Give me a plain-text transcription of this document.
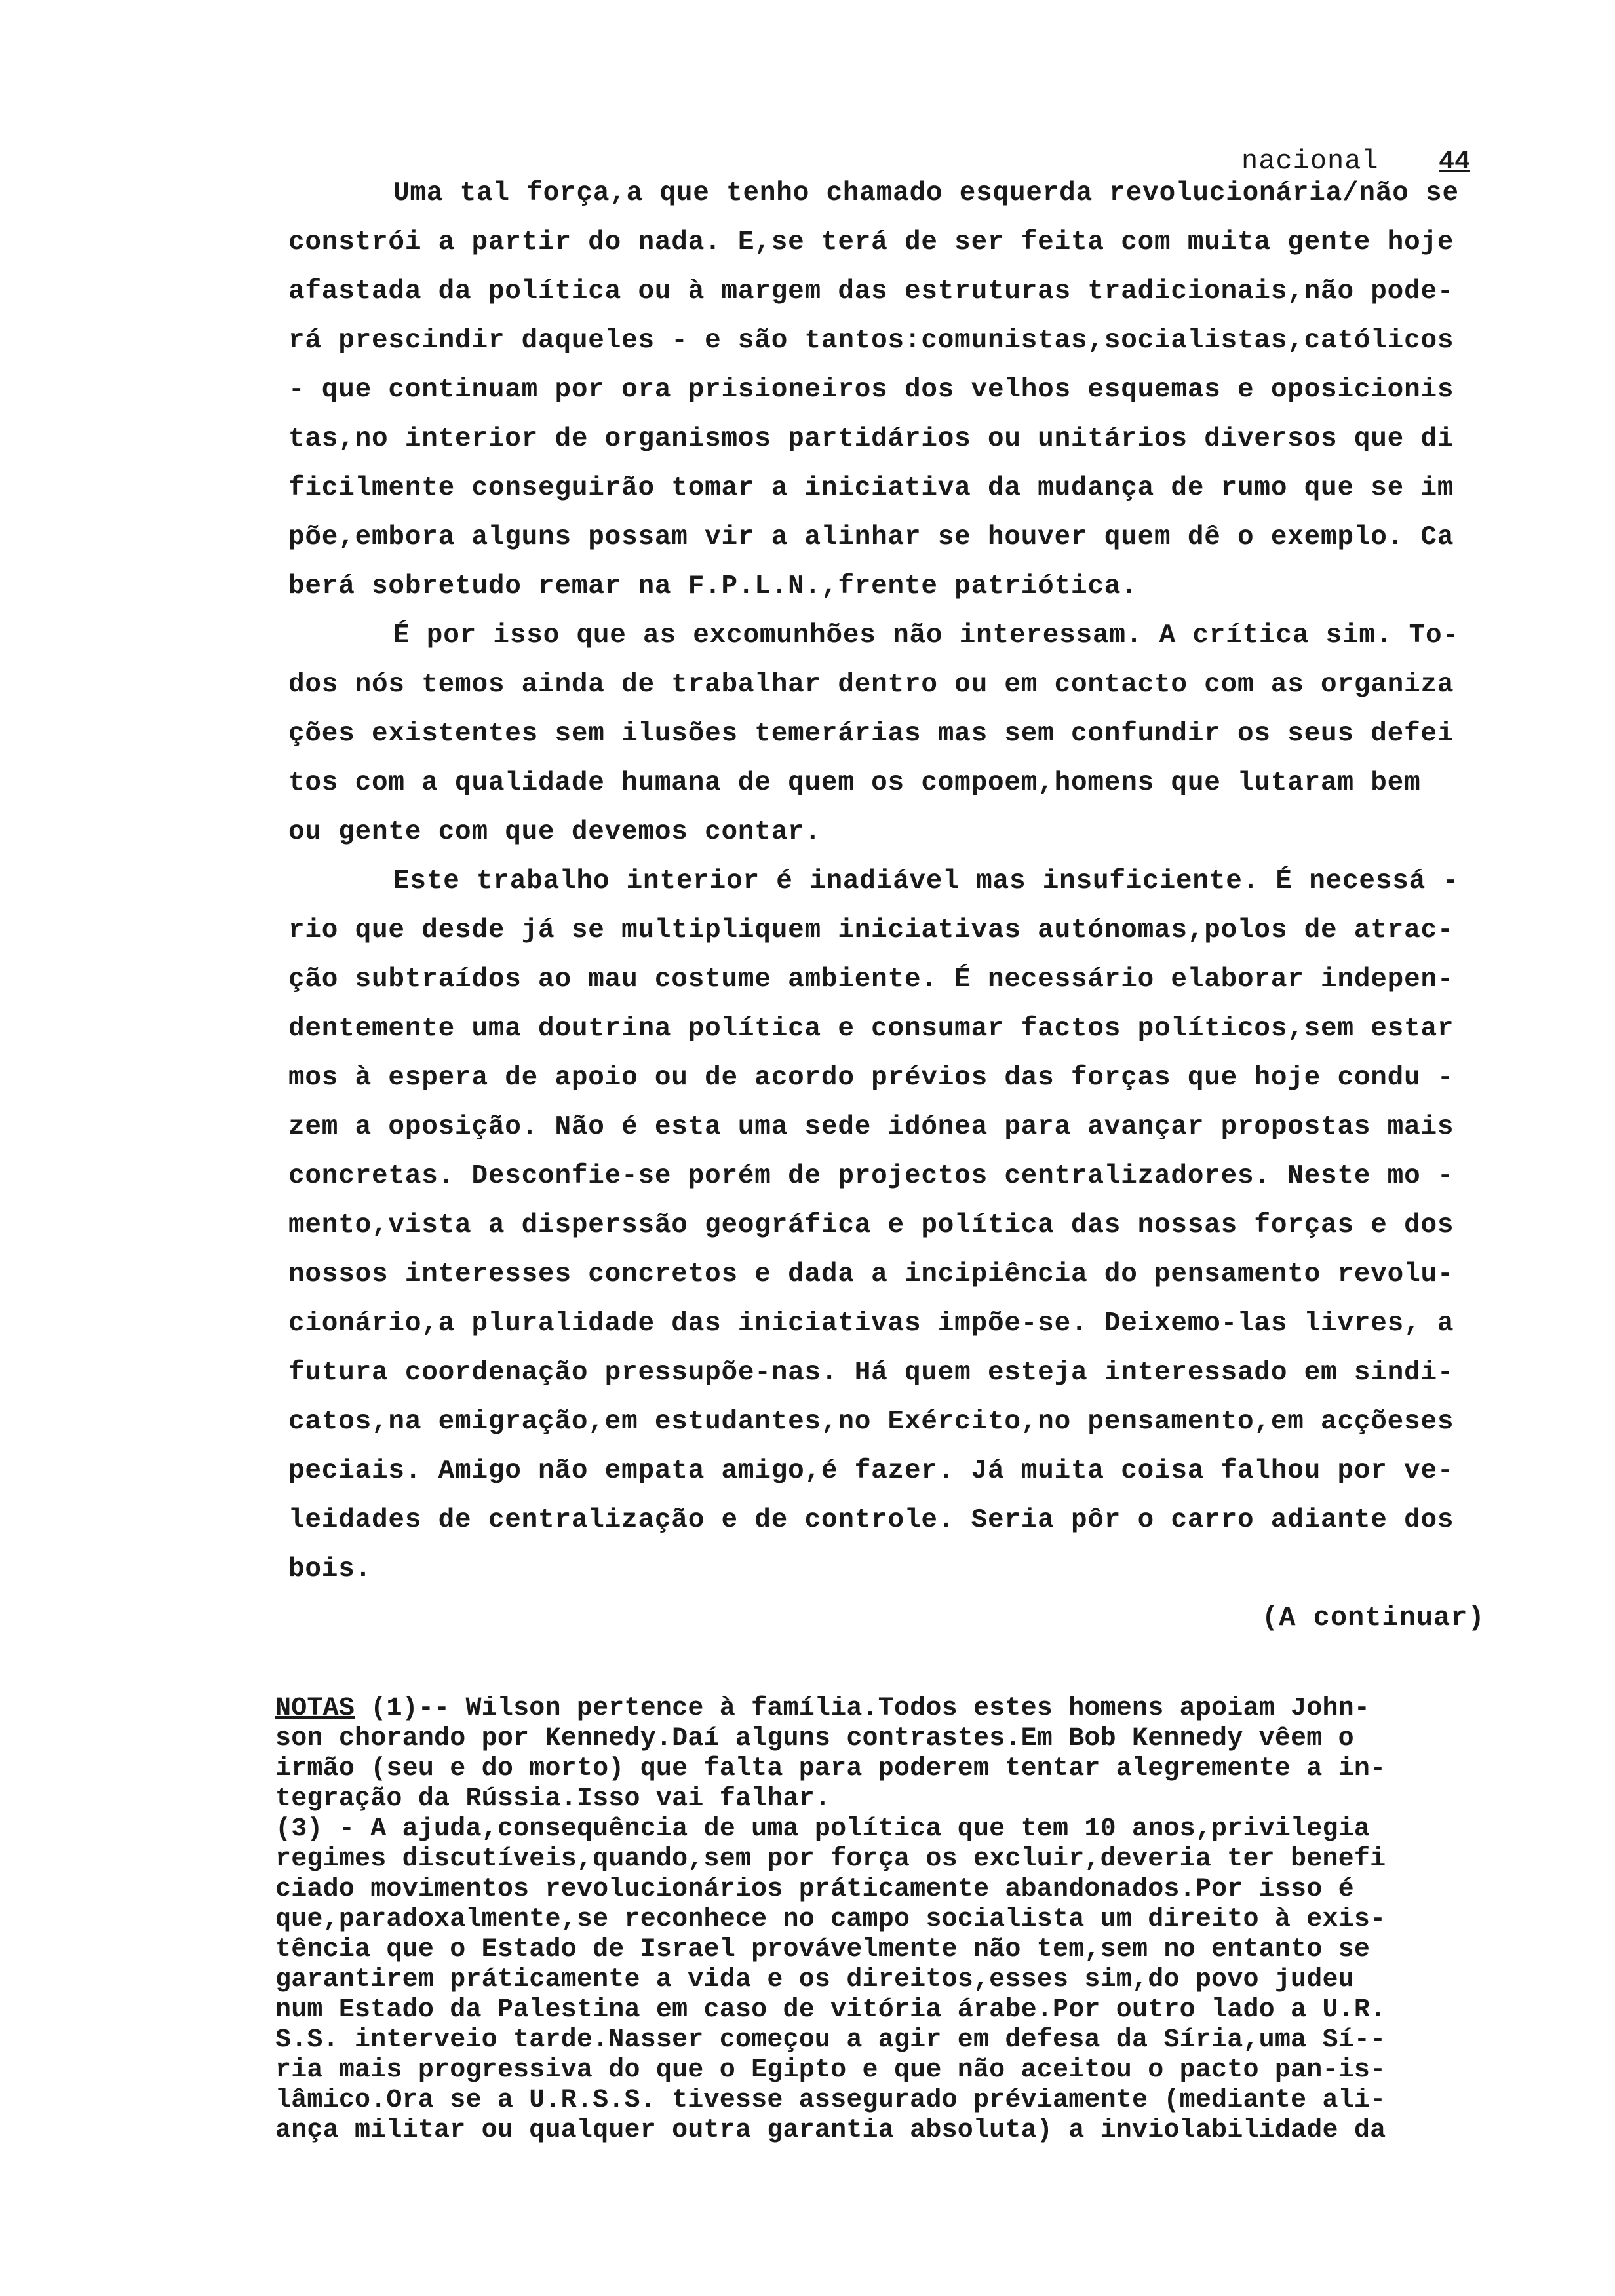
nacional 44
Uma tal força,a que tenho chamado esquerda revolucionária/não se
constrói a partir do nada. E,se terá de ser feita com muita gente hoje
afastada da política ou à margem das estruturas tradicionais,não pode-
rá prescindir daqueles - e são tantos:comunistas,socialistas,católicos
- que continuam por ora prisioneiros dos velhos esquemas e oposicionis
tas,no interior de organismos partidários ou unitários diversos que di
ficilmente conseguirão tomar a iniciativa da mudança de rumo que se im
põe,embora alguns possam vir a alinhar se houver quem dê o exemplo. Ca
berá sobretudo remar na F.P.L.N.,frente patriótica.
É por isso que as excomunhões não interessam. A crítica sim. To-
dos nós temos ainda de trabalhar dentro ou em contacto com as organiza
ções existentes sem ilusões temerárias mas sem confundir os seus defei
tos com a qualidade humana de quem os compoem,homens que lutaram bem
ou gente com que devemos contar.
Este trabalho interior é inadiável mas insuficiente. É necessá -
rio que desde já se multipliquem iniciativas autónomas,polos de atrac-
ção subtraídos ao mau costume ambiente. É necessário elaborar indepen-
dentemente uma doutrina política e consumar factos políticos,sem estar
mos à espera de apoio ou de acordo prévios das forças que hoje condu -
zem a oposição. Não é esta uma sede idónea para avançar propostas mais
concretas. Desconfie-se porém de projectos centralizadores. Neste mo -
mento,vista a disperssão geográfica e política das nossas forças e dos
nossos interesses concretos e dada a incipiência do pensamento revolu-
cionário,a pluralidade das iniciativas impõe-se. Deixemo-las livres, a
futura coordenação pressupõe-nas. Há quem esteja interessado em sindi-
catos,na emigração,em estudantes,no Exército,no pensamento,em acçõeses
peciais. Amigo não empata amigo,é fazer. Já muita coisa falhou por ve-
leidades de centralização e de controle. Seria pôr o carro adiante dos
bois.
(A continuar)
NOTAS (1)-- Wilson pertence à família.Todos estes homens apoiam John-
son chorando por Kennedy.Daí alguns contrastes.Em Bob Kennedy vêem o
irmão (seu e do morto) que falta para poderem tentar alegremente a in-
tegração da Rússia.Isso vai falhar.
(3) - A ajuda,consequência de uma política que tem 10 anos,privilegia
regimes discutíveis,quando,sem por força os excluir,deveria ter benefi
ciado movimentos revolucionários práticamente abandonados.Por isso é
que,paradoxalmente,se reconhece no campo socialista um direito à exis-
tência que o Estado de Israel provávelmente não tem,sem no entanto se
garantirem práticamente a vida e os direitos,esses sim,do povo judeu
num Estado da Palestina em caso de vitória árabe.Por outro lado a U.R.
S.S. interveio tarde.Nasser começou a agir em defesa da Síria,uma Sí--
ria mais progressiva do que o Egipto e que não aceitou o pacto pan-is-
lâmico.Ora se a U.R.S.S. tivesse assegurado préviamente (mediante ali-
ança militar ou qualquer outra garantia absoluta) a inviolabilidade da
